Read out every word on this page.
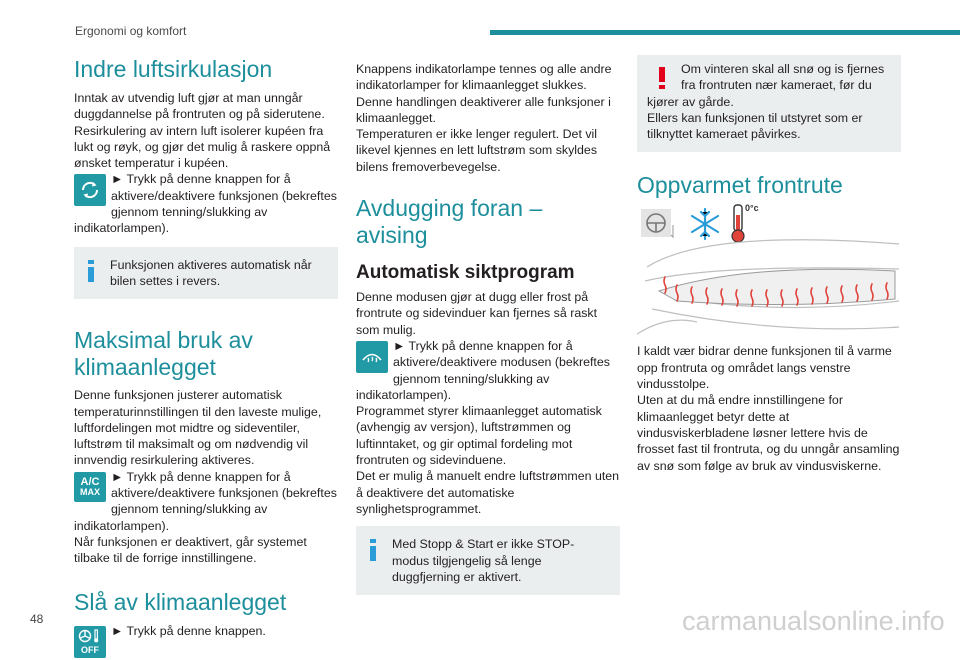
Ergonomi og komfort
Indre luftsirkulasjon

Inntak av utvendig luft gjør at man unngår duggdannelse på frontruten og på siderutene. Resirkulering av intern luft isolerer kupéen fra lukt og røyk, og gjør det mulig å raskere oppnå ønsket temperatur i kupéen.

► Trykk på denne knappen for å aktivere/deaktivere funksjonen (bekreftes gjennom tenning/slukking av indikatorlampen).

Funksjonen aktiveres automatisk når bilen settes i revers.
Maksimal bruk av klimaanlegget

Denne funksjonen justerer automatisk temperaturinnstillingen til den laveste mulige, luftfordelingen mot midtre og sideventiler, luftstrøm til maksimalt og om nødvendig vil innvendig resirkulering aktiveres.

A/C
MAX

► Trykk på denne knappen for å aktivere/deaktivere funksjonen (bekreftes gjennom tenning/slukking av indikatorlampen).

Når funksjonen er deaktivert, går systemet tilbake til de forrige innstillingene.

Slå av klimaanlegget
OFF

► Trykk på denne knappen.

Knappens indikatorlampe tennes og alle andre indikatorlamper for klimaanlegget slukkes. Denne handlingen deaktiverer alle funksjoner i klimaanlegget.

Temperaturen er ikke lenger regulert. Det vil likevel kjennes en lett luftstrøm som skyldes bilens fremoverbevegelse.

Avdugging foran – avising
Automatisk siktprogram

Denne modusen gjør at dugg eller frost på frontrute og sidevinduer kan fjernes så raskt som mulig.

► Trykk på denne knappen for å aktivere/deaktivere modusen (bekreftes gjennom tenning/slukking av indikatorlampen).

Programmet styrer klimaanlegget automatisk (avhengig av versjon), luftstrømmen og luftinntaket, og gir optimal fordeling mot frontruten og sidevinduene.

Det er mulig å manuelt endre luftstrømmen uten å deaktivere det automatiske synlighetsprogrammet.

Med Stopp & Start er ikke STOP-modus tilgjengelig så lenge duggfjerning er aktivert.
Om vinteren skal all snø og is fjernes fra frontruten nær kameraet, før du kjører av gårde.
Ellers kan funksjonen til utstyret som er tilknyttet kameraet påvirkes.
Oppvarmet frontrute
0°c

I kaldt vær bidrar denne funksjonen til å varme opp frontruta og området langs venstre vindusstolpe.

Uten at du må endre innstillingene for klimaanlegget betyr dette at vindusviskerbladene løsner lettere hvis de frosset fast til frontruta, og du unngår ansamling av snø som følge av bruk av vindusviskerne.

48	carmanualsonline.info
